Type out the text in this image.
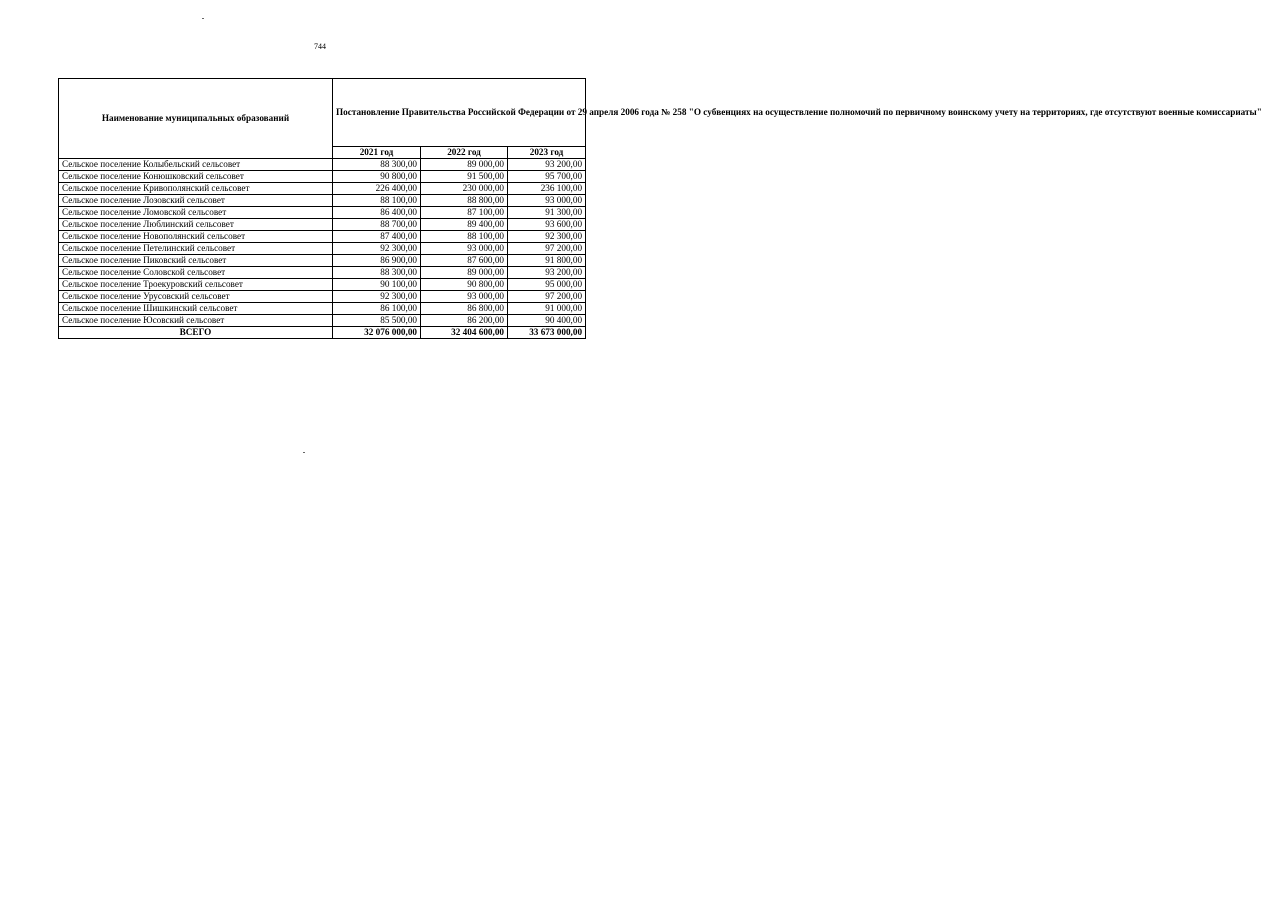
744
Наименование муниципальных образований	Постановление Правительства Российской Федерации от 29 апреля 2006 года № 258 "О субвенциях на осуществление полномочий по первичному воинскому учету на территориях, где отсутствуют военные комиссариаты"		
	2021 год	2022 год	2023 год
Сельское поселение Колыбельский сельсовет	88 300,00	89 000,00	93 200,00
Сельское поселение Конюшковский сельсовет	90 800,00	91 500,00	95 700,00
Сельское поселение Кривополянский сельсовет	226 400,00	230 000,00	236 100,00
Сельское поселение Лозовский сельсовет	88 100,00	88 800,00	93 000,00
Сельское поселение Ломовской сельсовет	86 400,00	87 100,00	91 300,00
Сельское поселение Люблинский сельсовет	88 700,00	89 400,00	93 600,00
Сельское поселение Новополянский сельсовет	87 400,00	88 100,00	92 300,00
Сельское поселение Петелинский сельсовет	92 300,00	93 000,00	97 200,00
Сельское поселение Пиковский сельсовет	86 900,00	87 600,00	91 800,00
Сельское поселение Соловской сельсовет	88 300,00	89 000,00	93 200,00
Сельское поселение Троекуровский сельсовет	90 100,00	90 800,00	95 000,00
Сельское поселение Урусовский сельсовет	92 300,00	93 000,00	97 200,00
Сельское поселение Шишкинский сельсовет	86 100,00	86 800,00	91 000,00
Сельское поселение Юсовский сельсовет	85 500,00	86 200,00	90 400,00
ВСЕГО	32 076 000,00	32 404 600,00	33 673 000,00
